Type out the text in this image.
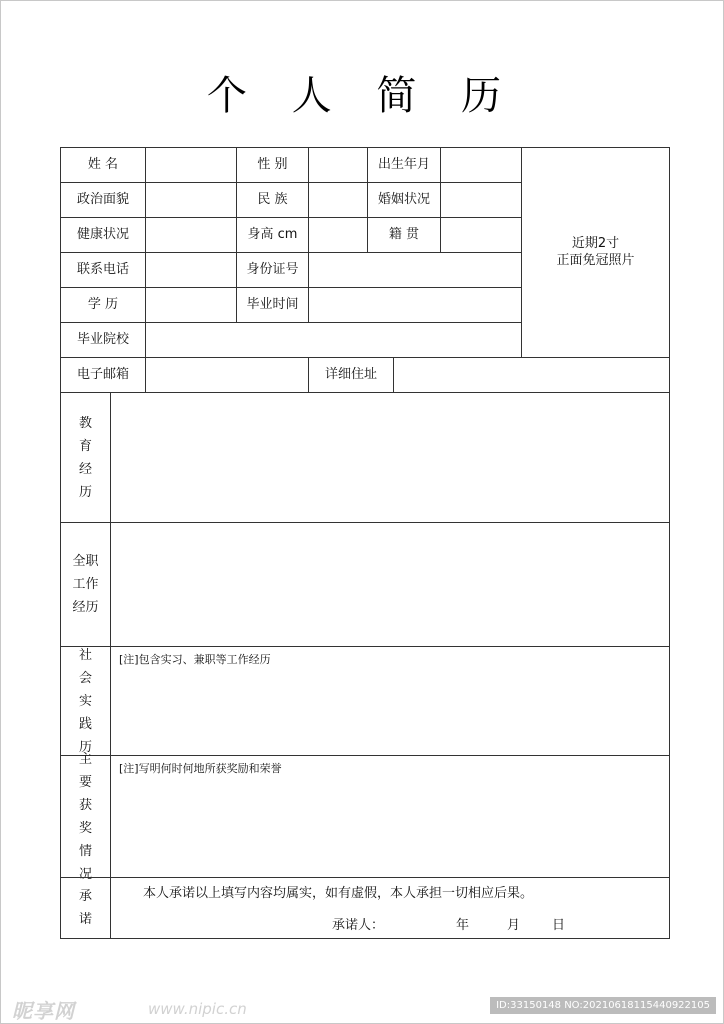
个 人 简 历
姓 名	性 别	出生年月
近期2寸
正面免冠照片
政治面貌	民 族	婚姻状况
健康状况	身高 cm	籍 贯
联系电话	身份证号
学 历	毕业时间
毕业院校
电子邮箱	详细住址
教
育
经
历
全职
工作
经历
社
会
实
践
历
[注]包含实习、兼职等工作经历
主
要
获
奖
情
况
[注]写明何时何地所获奖励和荣誉
承
诺
本人承诺以上填写内容均属实，如有虚假，本人承担一切相应后果。
承诺人：	年	月 日
昵享网	www.nipic.cn	ID:33150148 NO:20210618115440922105
